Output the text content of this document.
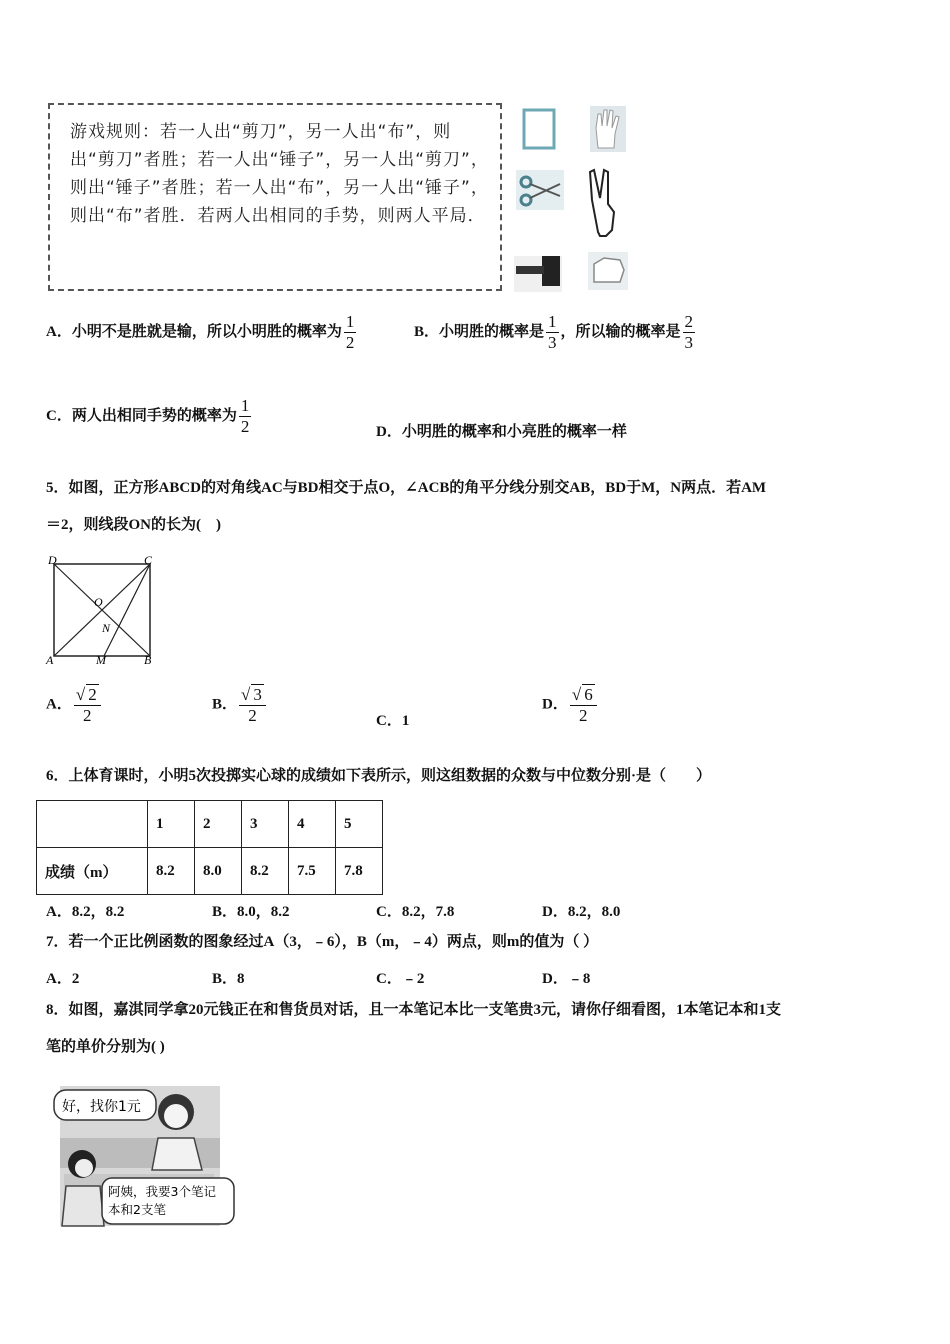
游戏规则：若一人出“剪刀”，另一人出“布”，则出“剪刀”者胜；若一人出“锤子”，另一人出“剪刀”，则出“锤子”者胜；若一人出“布”，另一人出“锤子”，则出“布”者胜．若两人出相同的手势，则两人平局．
A．小明不是胜就是输，所以小明胜的概率为 $\frac{1}{2}$	B．小明胜的概率是 $\frac{1}{3}$ ，所以输的概率是 $\frac{2}{3}$
C．两人出相同手势的概率为 $\frac{1}{2}$	D．小明胜的概率和小亮胜的概率一样
5．如图，正方形ABCD的对角线AC与BD相交于点O，∠ACB的角平分线分别交AB，BD于M，N两点．若AM
＝2，则线段ON的长为(　)
D	C
A	B
O
N
M
A． $\frac{√ 2}{2}$	B． $\frac{√ 3}{2}$	C．1
D． $\frac{√ 6}{2}$
6．上体育课时，小明5次投掷实心球的成绩如下表所示，则这组数据的众数与中位数分别·是（　　）
	1	2	3	4	5
成绩（m）	8.2	8.0	8.2	7.5	7.8
A．8.2，8.2	B．8.0，8.2	C．8.2，7.8	D．8.2，8.0
7．若一个正比例函数的图象经过A（3，﹣6），B（m，﹣4）两点，则m的值为（ ）
A．2	B．8	C．﹣2	D．﹣8
8．如图，嘉淇同学拿20元钱正在和售货员对话，且一本笔记本比一支笔贵3元，请你仔细看图，1本笔记本和1支
笔的单价分别为( )
好，找你1元
阿姨，我要3个笔记
本和2支笔
